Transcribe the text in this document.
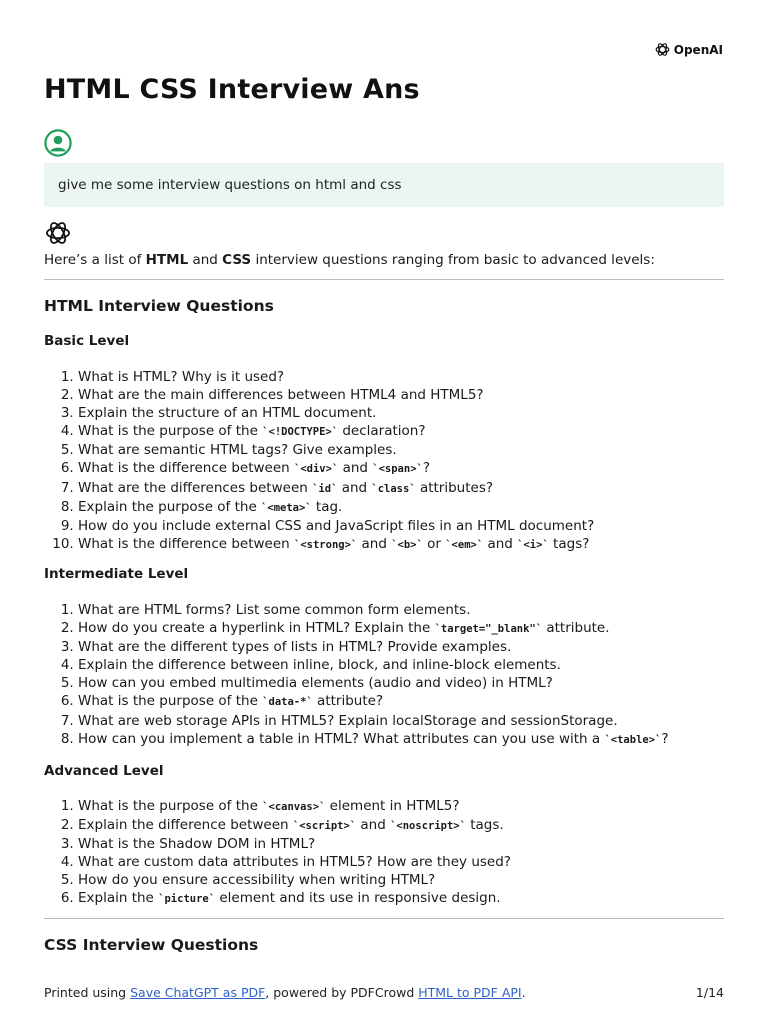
OpenAI
HTML CSS Interview Ans
give me some interview questions on html and css
Here’s a list of HTML and CSS interview questions ranging from basic to advanced levels:
HTML Interview Questions
Basic Level
1. What is HTML? Why is it used?
2. What are the main differences between HTML4 and HTML5?
3. Explain the structure of an HTML document.
4. What is the purpose of the `<!DOCTYPE>` declaration?
5. What are semantic HTML tags? Give examples.
6. What is the difference between `<div>` and `<span>`?
7. What are the differences between `id` and `class` attributes?
8. Explain the purpose of the `<meta>` tag.
9. How do you include external CSS and JavaScript files in an HTML document?
10. What is the difference between `<strong>` and `<b>` or `<em>` and `<i>` tags?
Intermediate Level
1. What are HTML forms? List some common form elements.
2. How do you create a hyperlink in HTML? Explain the `target="_blank"` attribute.
3. What are the different types of lists in HTML? Provide examples.
4. Explain the difference between inline, block, and inline-block elements.
5. How can you embed multimedia elements (audio and video) in HTML?
6. What is the purpose of the `data-*` attribute?
7. What are web storage APIs in HTML5? Explain localStorage and sessionStorage.
8. How can you implement a table in HTML? What attributes can you use with a `<table>`?
Advanced Level
1. What is the purpose of the `<canvas>` element in HTML5?
2. Explain the difference between `<script>` and `<noscript>` tags.
3. What is the Shadow DOM in HTML?
4. What are custom data attributes in HTML5? How are they used?
5. How do you ensure accessibility when writing HTML?
6. Explain the `picture` element and its use in responsive design.
CSS Interview Questions
Printed using Save ChatGPT as PDF, powered by PDFCrowd HTML to PDF API.	1/14
